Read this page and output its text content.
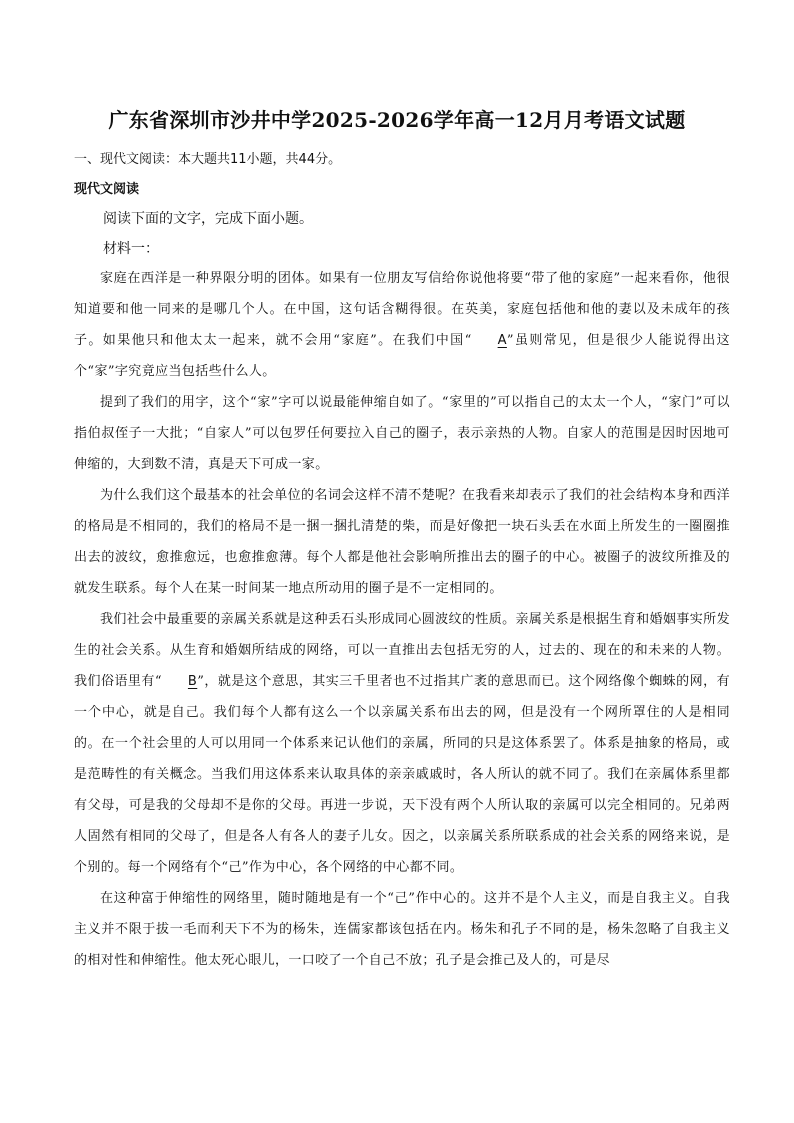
广东省深圳市沙井中学2025-2026学年高一12月月考语文试题
一、现代文阅读：本大题共11小题，共44分。
现代文阅读
阅读下面的文字，完成下面小题。
材料一：

家庭在西洋是一种界限分明的团体。如果有一位朋友写信给你说他将要“带了他的家庭”一起来看你，他很知道要和他一同来的是哪几个人。在中国，这句话含糊得很。在英美，家庭包括他和他的妻以及未成年的孩子。如果他只和他太太一起来，就不会用“家庭”。在我们中国“ A”虽则常见，但是很少人能说得出这个“家”字究竟应当包括些什么人。

提到了我们的用字，这个“家”字可以说最能伸缩自如了。“家里的”可以指自己的太太一个人，“家门”可以指伯叔侄子一大批；“自家人”可以包罗任何要拉入自己的圈子，表示亲热的人物。自家人的范围是因时因地可伸缩的，大到数不清，真是天下可成一家。

为什么我们这个最基本的社会单位的名词会这样不清不楚呢？在我看来却表示了我们的社会结构本身和西洋的格局是不相同的，我们的格局不是一捆一捆扎清楚的柴，而是好像把一块石头丢在水面上所发生的一圈圈推出去的波纹，愈推愈远，也愈推愈薄。每个人都是他社会影响所推出去的圈子的中心。被圈子的波纹所推及的就发生联系。每个人在某一时间某一地点所动用的圈子是不一定相同的。

我们社会中最重要的亲属关系就是这种丢石头形成同心圆波纹的性质。亲属关系是根据生育和婚姻事实所发生的社会关系。从生育和婚姻所结成的网络，可以一直推出去包括无穷的人，过去的、现在的和未来的人物。我们俗语里有“ B”，就是这个意思，其实三千里者也不过指其广袤的意思而已。这个网络像个蜘蛛的网，有一个中心，就是自己。我们每个人都有这么一个以亲属关系布出去的网，但是没有一个网所罩住的人是相同的。在一个社会里的人可以用同一个体系来记认他们的亲属，所同的只是这体系罢了。体系是抽象的格局，或是范畴性的有关概念。当我们用这体系来认取具体的亲亲戚戚时，各人所认的就不同了。我们在亲属体系里都有父母，可是我的父母却不是你的父母。再进一步说，天下没有两个人所认取的亲属可以完全相同的。兄弟两人固然有相同的父母了，但是各人有各人的妻子儿女。因之，以亲属关系所联系成的社会关系的网络来说，是个别的。每一个网络有个“己”作为中心，各个网络的中心都不同。

在这种富于伸缩性的网络里，随时随地是有一个“己”作中心的。这并不是个人主义，而是自我主义。自我主义并不限于拔一毛而利天下不为的杨朱，连儒家都该包括在内。杨朱和孔子不同的是，杨朱忽略了自我主义的相对性和伸缩性。他太死心眼儿，一口咬了一个自己不放；孔子是会推己及人的，可是尽
